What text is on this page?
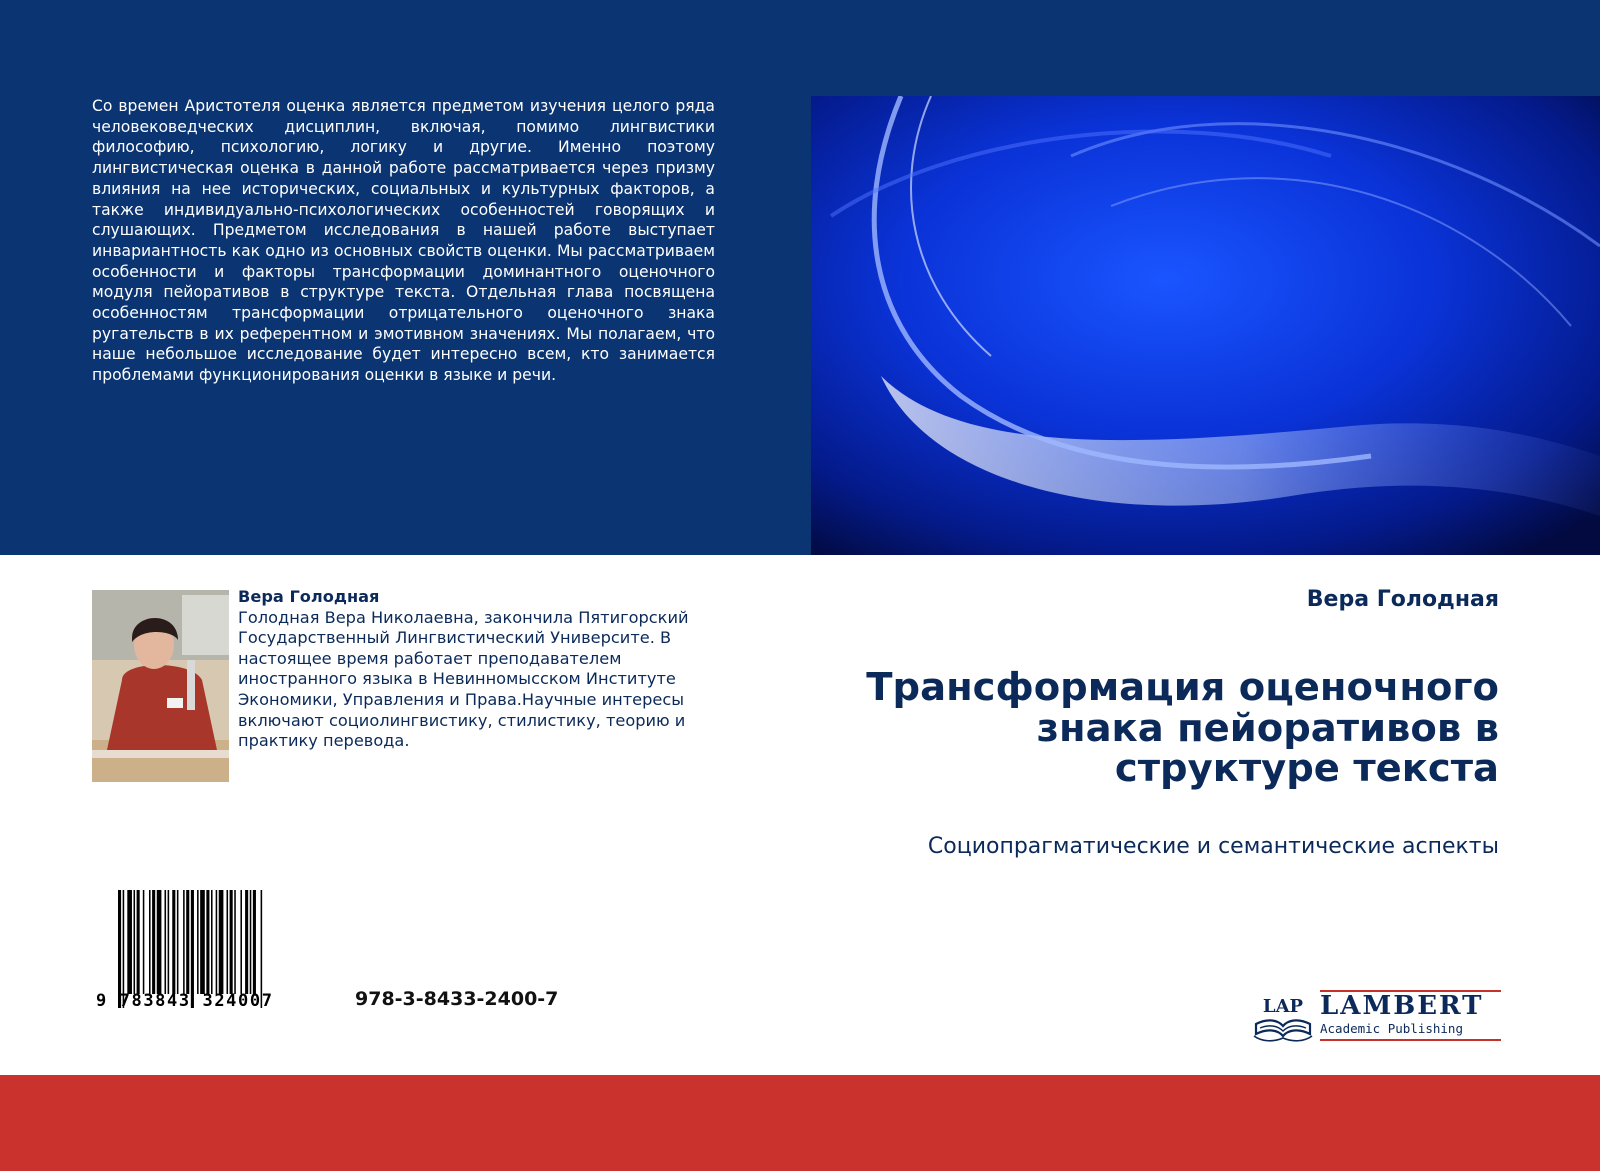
Со времен Аристотеля оценка является предметом изучения целого ряда человековедческих дисциплин, включая, помимо лингвистики философию, психологию, логику и другие. Именно поэтому лингвистическая оценка в данной работе рассматривается через призму влияния на нее исторических, социальных и культурных факторов, а также индивидуально-психологических особенностей говорящих и слушающих. Предметом исследования в нашей работе выступает инвариантность как одно из основных свойств оценки. Мы рассматриваем особенности и факторы трансформации доминантного оценочного модуля пейоративов в структуре текста. Отдельная глава посвящена особенностям трансформации отрицательного оценочного знака ругательств в их референтном и эмотивном значениях. Мы полагаем, что наше небольшое исследование будет интересно всем, кто занимается проблемами функционирования оценки в языке и речи.

Вера Голодная
Голодная Вера Николаевна, закончила Пятигорский Государственный Лингвистический Университе. В настоящее время работает преподавателем иностранного языка в Невинномысском Институте Экономики, Управления и Права.Научные интересы включают социолингвистику, стилистику, теорию и практику перевода.
Вера Голодная
Трансформация оценочного знака пейоративов в структуре текста
Социопрагматические и семантические аспекты
9 783843 324007	978-3-8433-2400-7	LAP LAMBERT
Academic Publishing
